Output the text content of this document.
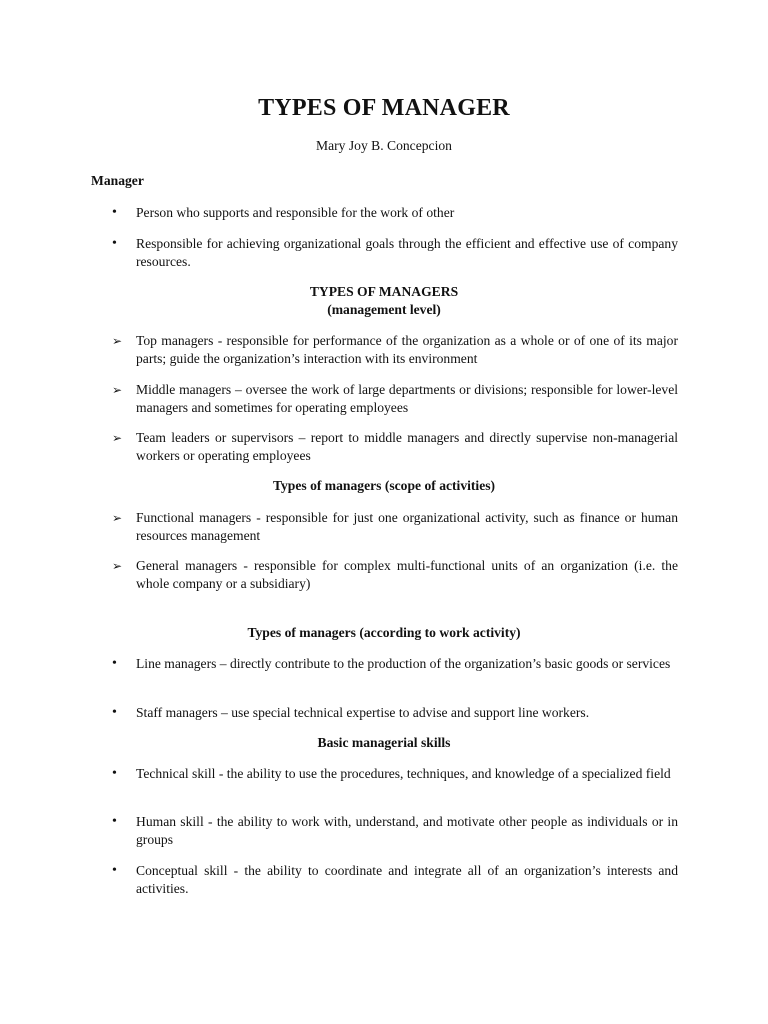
TYPES OF MANAGER
Mary Joy B. Concepcion
Manager
•	Person who supports and responsible for the work of other
•	Responsible for achieving organizational goals through the efficient and effective use of company resources.
TYPES OF MANAGERS
(management level)
➢	Top managers - responsible for performance of the organization as a whole or of one of its major parts; guide the organization’s interaction with its environment
➢	Middle managers – oversee the work of large departments or divisions; responsible for lower-level managers and sometimes for operating employees
➢	Team leaders or supervisors – report to middle managers and directly supervise non-managerial workers or operating employees
Types of managers (scope of activities)
➢	Functional managers - responsible for just one organizational activity, such as finance or human resources management
➢	General managers - responsible for complex multi-functional units of an organization (i.e. the whole company or a subsidiary)
Types of managers (according to work activity)
•	Line managers – directly contribute to the production of the organization’s basic goods or services
•	Staff managers – use special technical expertise to advise and support line workers.
Basic managerial skills
•	Technical skill - the ability to use the procedures, techniques, and knowledge of a specialized field
•	Human skill - the ability to work with, understand, and motivate other people as individuals or in groups
•	Conceptual skill - the ability to coordinate and integrate all of an organization’s interests and activities.
